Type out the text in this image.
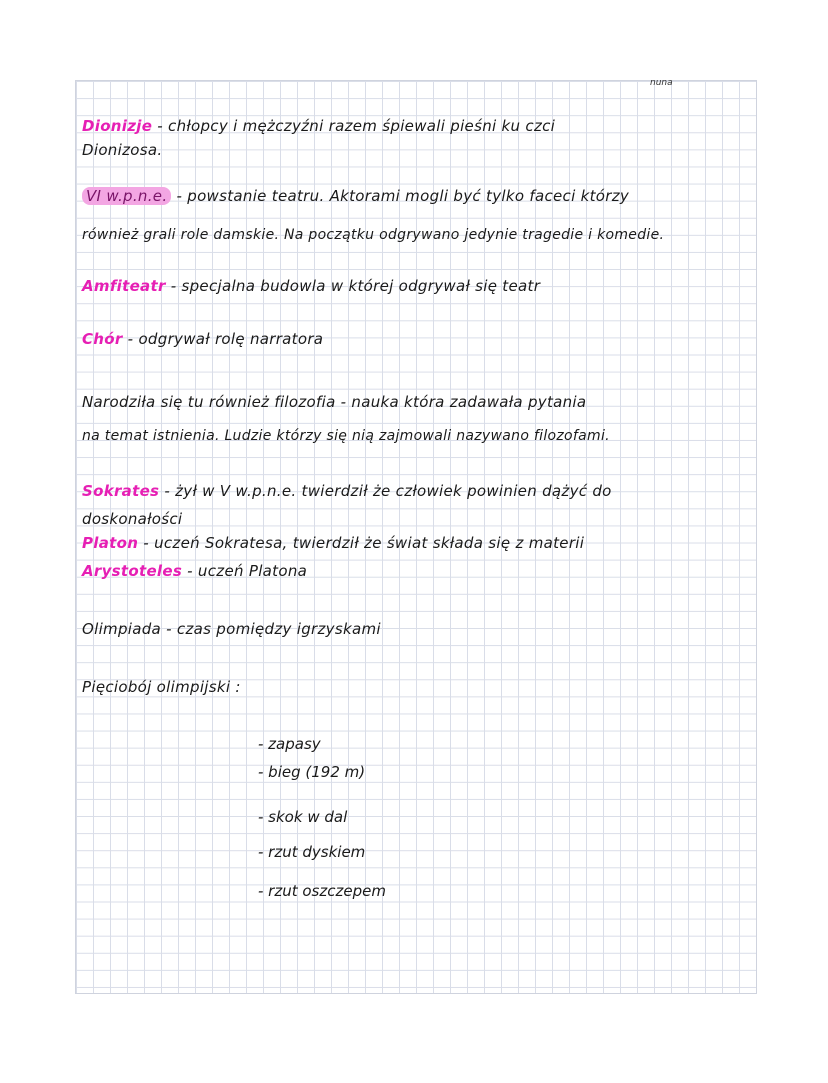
nuna
Dionizje - chłopcy i mężczyźni razem śpiewali pieśni ku czci
Dionizosa.
VI w.p.n.e. - powstanie teatru. Aktorami mogli być tylko faceci którzy
również grali role damskie. Na początku odgrywano jedynie tragedie i komedie.
Amfiteatr - specjalna budowla w której odgrywał się teatr
Chór - odgrywał rolę narratora
Narodziła się tu również filozofia - nauka która zadawała pytania
na temat istnienia. Ludzie którzy się nią zajmowali nazywano filozofami.
Sokrates - żył w V w.p.n.e. twierdził że człowiek powinien dążyć do
doskonałości
Platon - uczeń Sokratesa, twierdził że świat składa się z materii
Arystoteles - uczeń Platona
Olimpiada - czas pomiędzy igrzyskami
Pięciobój olimpijski :
- zapasy
- bieg (192 m)
- skok w dal
- rzut dyskiem
- rzut oszczepem
